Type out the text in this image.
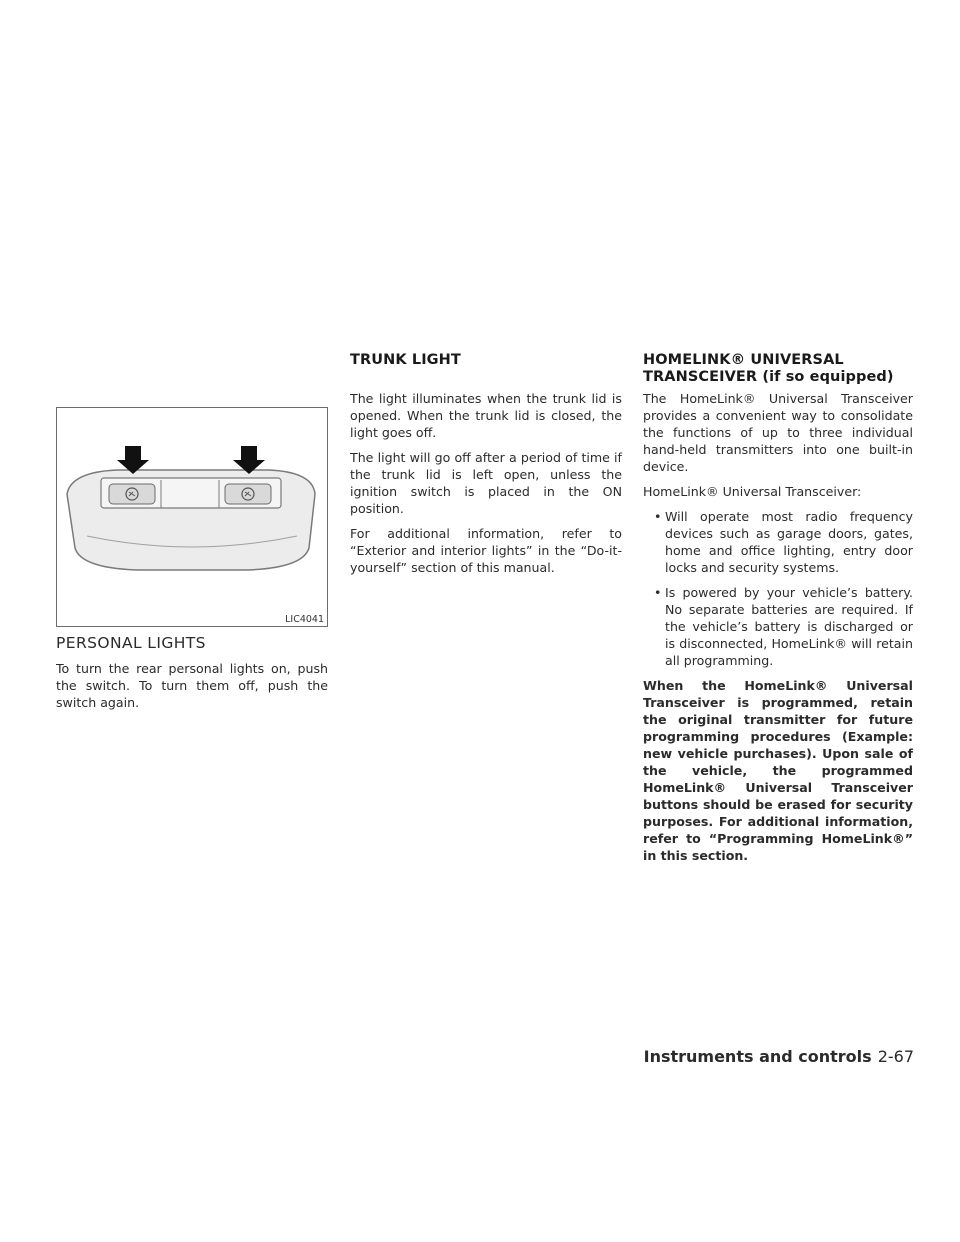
LIC4041
PERSONAL LIGHTS

To turn the rear personal lights on, push the switch. To turn them off, push the switch again.

TRUNK LIGHT

The light illuminates when the trunk lid is opened. When the trunk lid is closed, the light goes off.

The light will go off after a period of time if the trunk lid is left open, unless the ignition switch is placed in the ON position.

For additional information, refer to “Exterior and interior lights” in the “Do-it-yourself” section of this manual.

HOMELINK® UNIVERSAL
TRANSCEIVER (if so equipped)

The HomeLink® Universal Transceiver provides a convenient way to consolidate the functions of up to three individual hand-held transmitters into one built-in device.

HomeLink® Universal Transceiver:

• Will operate most radio frequency devices such as garage doors, gates, home and office lighting, entry door locks and security systems.
• Is powered by your vehicle’s battery. No separate batteries are required. If the vehicle’s battery is discharged or is disconnected, HomeLink® will retain all programming.

When the HomeLink® Universal Transceiver is programmed, retain the original transmitter for future programming procedures (Example: new vehicle purchases). Upon sale of the vehicle, the programmed HomeLink® Universal Transceiver buttons should be erased for security purposes. For additional information, refer to “Programming HomeLink®” in this section.

Instruments and controls 2-67
